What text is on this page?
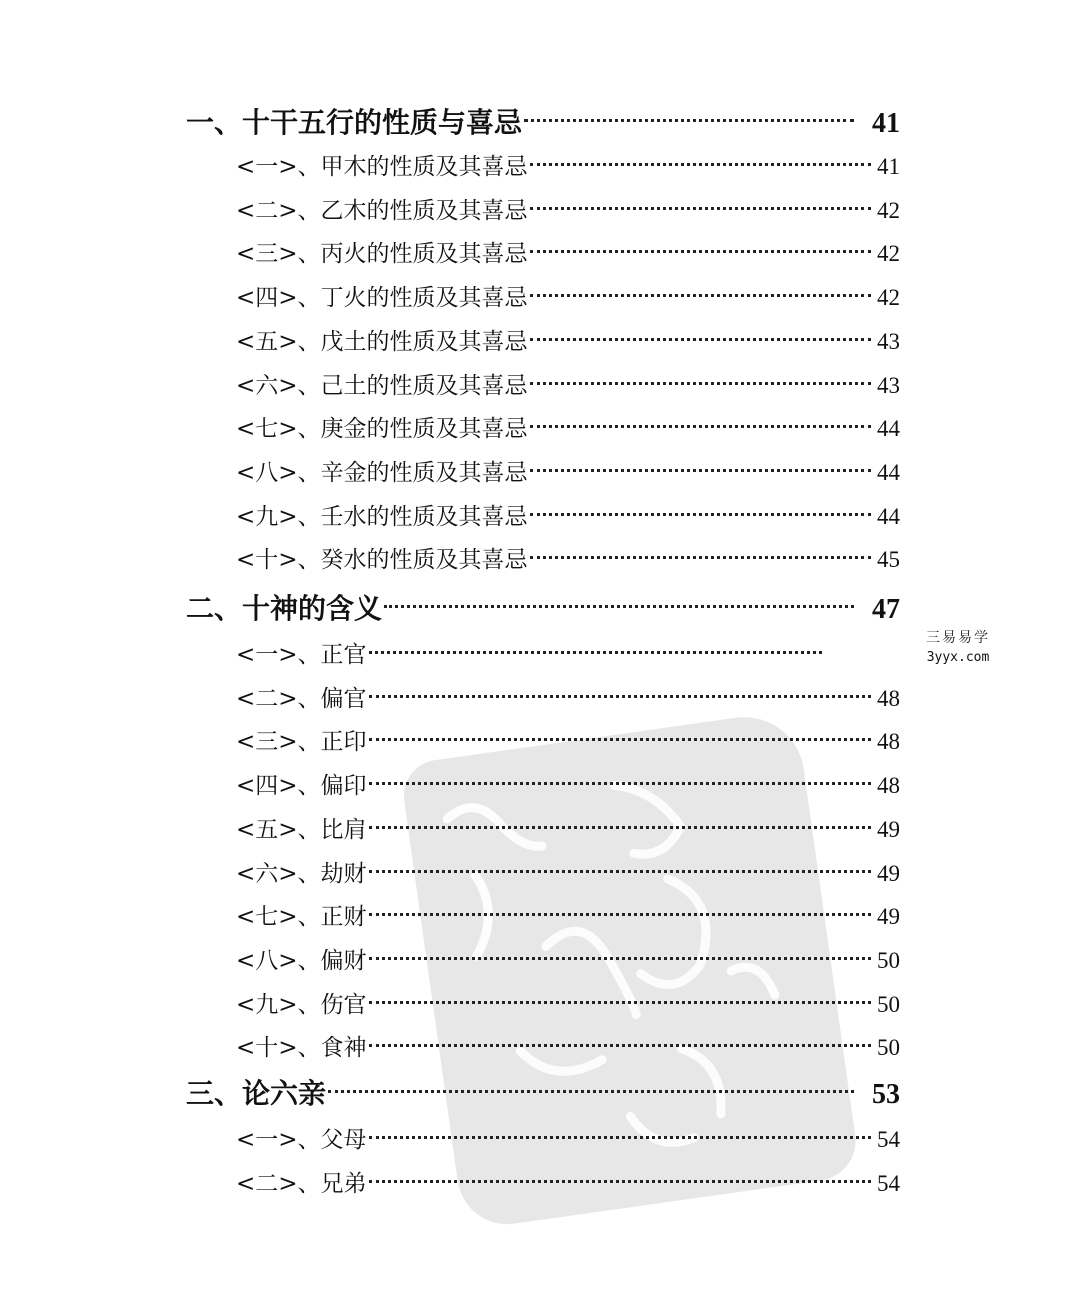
三易易学
3yyx.com
一、十干五行的性质与喜忌	41
<一>、甲木的性质及其喜忌	41
<二>、乙木的性质及其喜忌	42
<三>、丙火的性质及其喜忌	42
<四>、丁火的性质及其喜忌	42
<五>、戊土的性质及其喜忌	43
<六>、己土的性质及其喜忌	43
<七>、庚金的性质及其喜忌	44
<八>、辛金的性质及其喜忌	44
<九>、壬水的性质及其喜忌	44
<十>、癸水的性质及其喜忌	45
二、十神的含义	47
<一>、正官
<二>、偏官	48
<三>、正印	48
<四>、偏印	48
<五>、比肩	49
<六>、劫财	49
<七>、正财	49
<八>、偏财	50
<九>、伤官	50
<十>、食神	50
三、论六亲	53
<一>、父母	54
<二>、兄弟	54
